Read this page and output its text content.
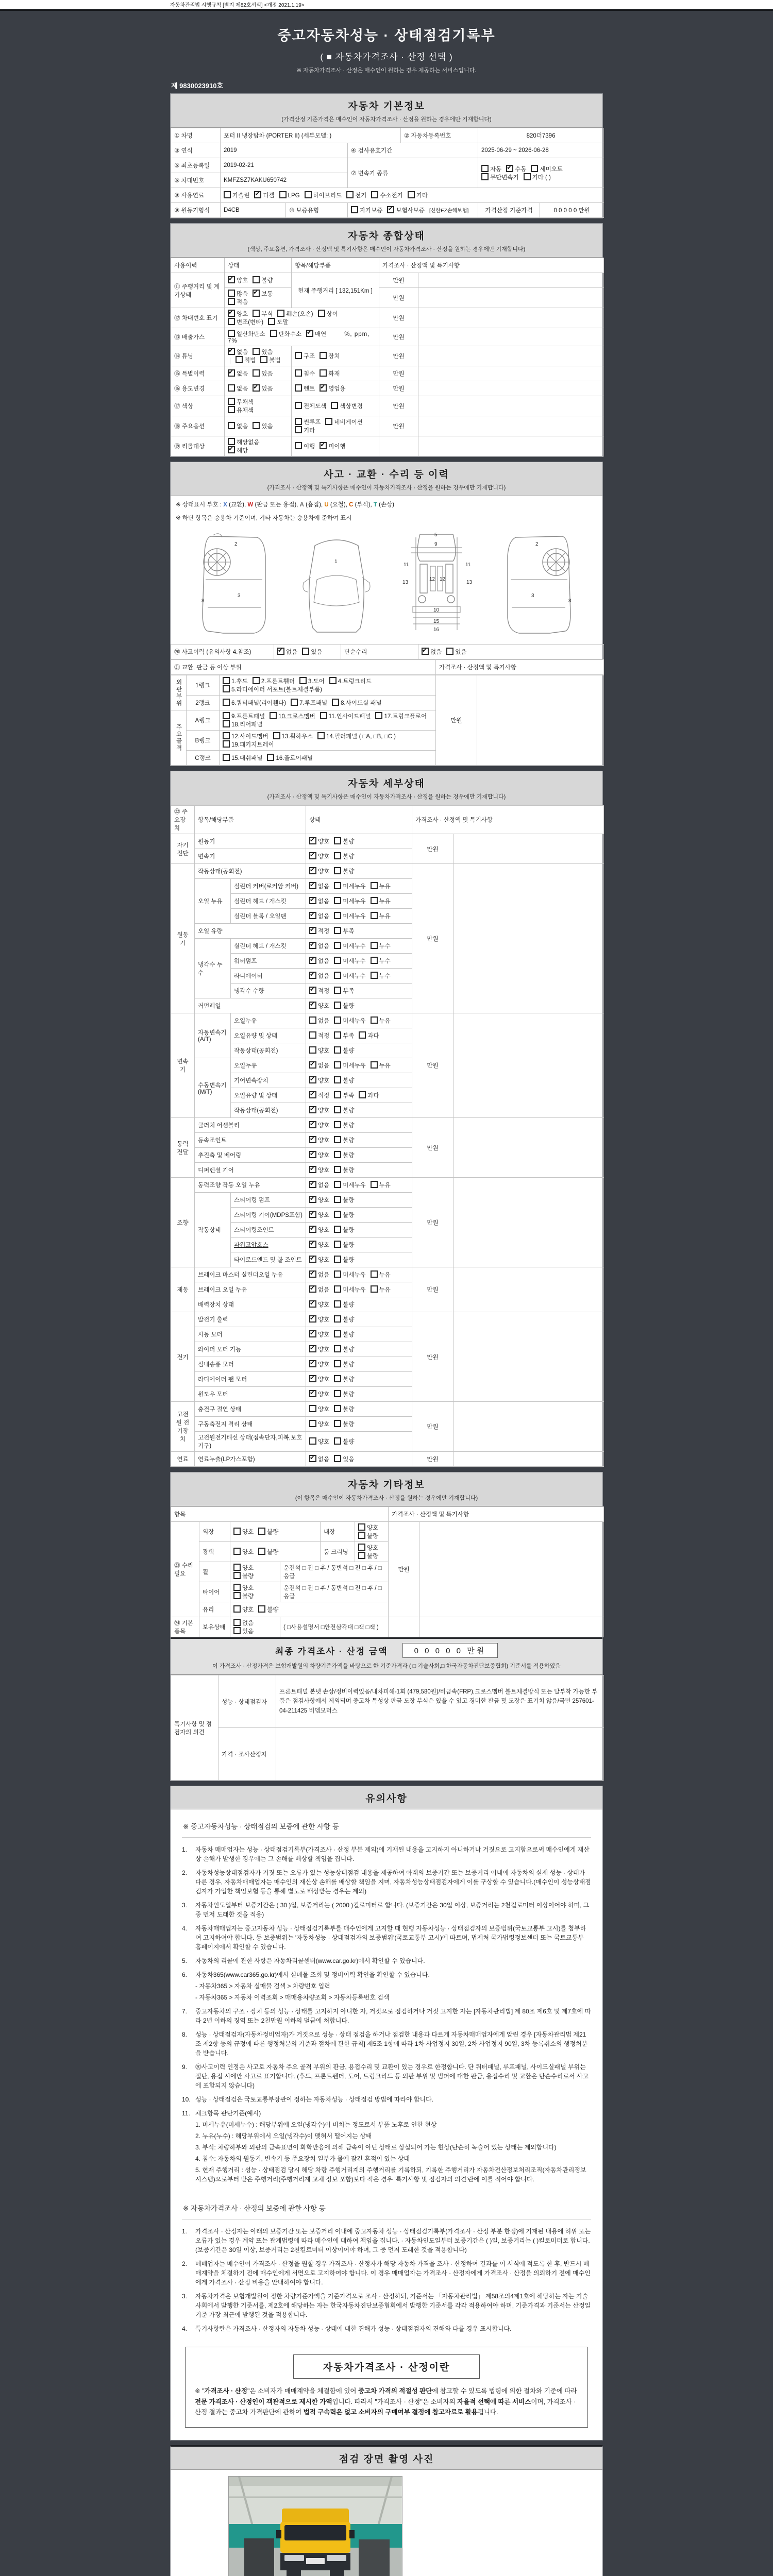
자동차관리법 시행규칙 [별지 제82호서식] <개정 2021.1.19>
중고자동차성능 · 상태점검기록부
( ■ 자동차가격조사 · 산정 선택 )
※ 자동차가격조사 · 산정은 매수인이 원하는 경우 제공하는 서비스입니다.
제 9830023910호
자동차 기본정보
(가격산정 기준가격은 매수인이 자동차가격조사 · 산정을 원하는 경우에만 기재합니다)
① 차명	포터 II 냉장탑차 (PORTER II) (세부모델: )			② 자동차등록번호	820더7396	
③ 연식	2019		④ 검사유효기간		2025-06-29 ~ 2026-06-28	
⑤ 최초등록일	2019-02-21		⑦ 변속기 종류		자동 ✔ 수동 세미오토무단변속기 기타 ( )
⑥ 차대번호	KMFZSZ7KAKU650742					
⑧ 사용연료	가솔린 ✔ 디젤 LPG 하이브리드 전기 수소전기 기타
⑨ 원동기형식	D4CB	⑩ 보증유형	자가보증 ✔ 보험사보증 [신한EZ손해보험]		가격산정 기준가격	0 0 0 0 0 만원
자동차 종합상태
(색상, 주요옵션, 가격조사 · 산정액 및 특기사항은 매수인이 자동차가격조사 · 산정을 원하는 경우에만 기재합니다)
사용이력	상태	항목/해당부품	가격조사 · 산정액 및 특기사항	
⑪ 주행거리 및 계기상태	✔양호 불량	현재 주행거리 [ 132,151Km ]	만원	
	많음 ✔ 보통적음		만원	
⑫ 차대번호 표기	✔양호 부식 훼손(오손) 상이변조(변타) 도말		만원	
⑬ 배출가스	일산화탄소 탄화수소 ✔ 매연 %, ppm, 7%		만원	
⑭ 튜닝	✔없음 있음적법 불법	구조 장치	만원	
⑮ 특별이력	✔없음 있음	침수 화재	만원	
⑯ 용도변경	없음 ✔ 있음	렌트 ✔ 영업용	만원	
⑰ 색상	무채색유채색	전체도색 색상변경	만원	
⑱ 주요옵션	없음 있음	썬루프 네비게이션기타	만원	
⑲ 리콜대상	해당없음✔해당	이행 ✔ 미이행		
사고 · 교환 · 수리 등 이력
(가격조사 · 산정액 및 특기사항은 매수인이 자동차가격조사 · 산정을 원하는 경우에만 기재합니다)
※ 상태표시 부호 : X (교환), W (판금 또는 용접), A (흠집), U (요철), C (부식), T (손상)
※ 하단 항목은 승용차 기준이며, 기타 자동차는 승용차에 준하여 표시
2
3
8
1
5
9
11	11
13	13
12 12
10
15
16
2
3
8
⑳ 사고이력 (유의사항 4.참조)	✔없음 있음	단순수리	✔없음 있음
㉑ 교환, 판금 등 이상 부위	가격조사 · 산정액 및 특기사항
외판부위	1랭크	1.후드 2.프론트휀더 3.도어 4.트렁크리드5.라디에이터 서포트(볼트체결부품)	만원	
	2랭크	6.쿼터패널(리어휀다) 7.루프패널 8.사이드실 패널		
주요골격	A랭크	9.프론트패널 10.크로스멤버 11.인사이드패널 17.트렁크플로어18.리어패널		
	B랭크	12.사이드멤버 13.휠하우스 14.필러패널 ( □A, □B, □C )19.패키지트레이		
	C랭크	15.대쉬패널 16.플로어패널		
자동차 세부상태
(가격조사 · 산정액 및 특기사항은 매수인이 자동차가격조사 · 산정을 원하는 경우에만 기재합니다)
㉒ 주요장치	항목/해당부품		상태	가격조사 · 산정액 및 특기사항	
자기진단	원동기	✔양호 불량	만원	
	변속기	✔양호 불량
원동기	작동상태(공회전)	✔양호 불량	만원	
	오일 누유	실린더 커버(로커암 커버)	✔없음 미세누유 누유
		실린더 헤드 / 개스킷	✔없음 미세누유 누유
		실린더 블록 / 오일팬	✔없음 미세누유 누유
	오일 유량	✔적정 부족
	냉각수 누수	실린더 헤드 / 개스킷	✔없음 미세누수 누수
		워터펌프	✔없음 미세누수 누수
		라디에이터	✔없음 미세누수 누수
		냉각수 수량	✔적정 부족
	커먼레일	✔양호 불량
변속기	자동변속기 (A/T)	오일누유	없음 미세누유 누유	만원	
		오일유량 및 상태	적정 부족 과다		
		작동상태(공회전)	양호 불량		
	수동변속기 (M/T)	오일누유	✔없음 미세누유 누유
		기어변속장치	✔양호 불량
		오일유량 및 상태	✔적정 부족 과다
		작동상태(공회전)	✔양호 불량
동력전달	클러치 어셈블리	✔양호 불량	만원	
	등속조인트	✔양호 불량
	추진축 및 베어링	✔양호 불량
	디퍼렌셜 기어	✔양호 불량
조향	동력조향 작동 오일 누유	✔없음 미세누유 누유	만원	
	작동상태	스티어링 펌프	✔양호 불량
		스티어링 기어(MDPS포함)	✔양호 불량
		스티어링조인트	✔양호 불량
		파워고압호스	✔양호 불량
		타이로드엔드 및 볼 조인트	✔양호 불량
제동	브레이크 마스터 실린더오일 누유	✔없음 미세누유 누유	만원	
	브레이크 오일 누유	✔없음 미세누유 누유
	배력장치 상태	✔양호 불량
전기	발전기 출력	✔양호 불량	만원	
	시동 모터	✔양호 불량
	와이퍼 모터 기능	✔양호 불량
	실내송풍 모터	✔양호 불량
	라디에이터 팬 모터	✔양호 불량
	윈도우 모터	✔양호 불량
고전원 전기장치	충전구 절연 상태		양호 불량	만원	
	구동축전지 격리 상태		양호 불량		
	고전원전기배선 상태(접속단자,피복,보호기구)		양호 불량		
연료	연료누출(LP가스포함)	✔없음 있음	만원	
자동차 기타정보
(이 항목은 매수인이 자동차가격조사 · 산정을 원하는 경우에만 기재합니다)
항목						가격조사 · 산정액 및 특기사항	
㉓ 수리필요	외장	양호 불량		내장	양호불량	만원	
	광택	양호 불량		룸 크리닝	양호불량		
	휠	양호불량	운전석 □ 전 □ 후 / 동반석 □ 전 □ 후 / □ 응급				
	타이어	양호불량	운전석 □ 전 □ 후 / 동반석 □ 전 □ 후 / □ 응급				
	유리	양호 불량					
㉔ 기본품목	보유상태	없음있음	( □사용설명서 □안전삼각대 □잭 □잭 )				
최종 가격조사 · 산정 금액	0 0 0 0 0 만원
이 가격조사 · 산정가격은 보험개발원의 차량기준가액을 바탕으로 한 기준가격과 ( □ 기술사회,□ 한국자동차진단보증협회) 기준서를 적용하였음
특기사항 및 점검자의 의견	성능 · 상태점검자	프론트패널 본넷 손상/정비이력있음/내차피해-1회 (479,580원)/비금속(FRP),크로스멤버 볼트체결방식 또는 탈부착 가능한 부품은 점검사항에서 제외되며 중고차 특성상 판금 도장 부식은 있을 수 있고 경미한 판금 및 도장은 표기치 않음/국민 257601-04-211425 비엠모터스
	가격 · 조사산정자	
유의사항
※ 중고자동차성능 · 상태점검의 보증에 관한 사항 등
1.	자동차 매매업자는 성능 · 상태점검기록부(가격조사 · 산정 부분 제외)에 기재된 내용을 고지하지 아니하거나 거짓으로 고지함으로써 매수인에게 재산상 손해가 발생한 경우에는 그 손해를 배상할 책임을 집니다.
2.	자동차성능상태점검자가 거짓 또는 오류가 있는 성능상태점검 내용을 제공하여 아래의 보증기간 또는 보증거리 이내에 자동차의 실제 성능 · 상태가 다른 경우, 자동차매매업자는 매수인의 재산상 손해를 배상할 책임을 지며, 자동차성능상태점검자에게 이를 구상할 수 있습니다.(매수인이 성능상태점검자가 가입한 책임보험 등을 통해 별도로 배상받는 경우는 제외)
3.	자동차인도일부터 보증기간은 ( 30 )일, 보증거리는 ( 2000 )킬로미터로 합니다. (보증기간은 30일 이상, 보증거리는 2천킬로미터 이상이어야 하며, 그 중 먼저 도래한 것을 적용)
4.	자동차매매업자는 중고자동차 성능 · 상태점검기록부를 매수인에게 고지할 때 현행 자동차성능 · 상태점검자의 보증범위(국토교통부 고시)를 첨부하여 고지하여야 합니다. 동 보증범위는 '자동차성능 · 상태점검자의 보증범위'(국토교통부 고시)에 따르며, 법제처 국가법령정보센터 또는 국토교통부 홈페이지에서 확인할 수 있습니다.
5.	자동차의 리콜에 관한 사항은 자동차리콜센터(www.car.go.kr)에서 확인할 수 있습니다.
6.	자동차365(www.car365.go.kr)에서 실매물 조회 및 정비이력 확인을 확인할 수 있습니다.
- 자동차365 > 자동차 실매물 검색 > 차량번호 입력
- 자동차365 > 자동차 이력조회 > 매매용차량조회 > 자동차등록번호 검색
7.	중고자동차의 구조 · 장치 등의 성능 · 상태를 고지하지 아니한 자, 거짓으로 점검하거나 거짓 고지한 자는 [자동차관리법] 제 80조 제6호 및 제7호에 따라 2년 이하의 징역 또는 2천만원 이하의 벌금에 처합니다.
8.	성능 · 상태점검자(자동차정비업자)가 거짓으로 성능 · 상태 점검을 하거나 점검한 내용과 다르게 자동차매매업자에게 알린 경우 [자동차관리법 제21조 제2항 등의 규정에 따른 행정처분의 기준과 절차에 관한 규칙] 제5조 1항에 따라 1차 사업정지 30일, 2차 사업정지 90일, 3차 등록취소의 행정처분을 받습니다.
9.	⑳사고이력 인정은 사고로 자동차 주요 골격 부위의 판금, 용접수리 및 교환이 있는 경우로 한정합니다. 단 쿼터패널, 루프패널, 사이드실패널 부위는 절단, 용접 시에만 사고로 표기합니다. (후드, 프론트펜더, 도어, 트렁크리드 등 외판 부위 및 범퍼에 대한 판금, 용접수리 및 교환은 단순수리로서 사고에 포함되지 않습니다)
10. 성능 · 상태점검은 국토교통부장관이 정하는 자동차성능 · 상태점검 방법에 따라야 합니다.
11. 체크항목 판단기준(예시)
1. 미세누유(미세누수) : 해당부위에 오일(냉각수)이 비치는 정도로서 부품 노후로 인한 현상
2. 누유(누수) : 해당부위에서 오일(냉각수)이 맺혀서 떨어지는 상태
3. 부식: 차량하부와 외판의 금속표면이 화학반응에 의해 금속이 아닌 상태로 상실되어 가는 현상(단순히 녹슬어 있는 상태는 제외합니다)
4. 침수: 자동차의 원동기, 변속기 등 주요장치 일부가 물에 잠긴 흔적이 있는 상태
5. 현재 주행거리 : 성능 · 상태점검 당시 해당 차량 주행거리계의 주행거리를 기록하되, 기록한 주행거리가 자동차전산정보처리조직(자동차관리정보시스템)으로부터 받은 주행거리(주행거리계 교체 정보 포함)보다 적은 경우 '특기사항 및 점검자의 의견'란에 이를 적어야 합니다.
※ 자동차가격조사 · 산정의 보증에 관한 사항 등
1.	가격조사 · 산정자는 아래의 보증기간 또는 보증거리 이내에 중고자동차 성능 · 상태점검기록부(가격조사 · 산정 부분 한정)에 기재된 내용에 허위 또는 오류가 있는 경우 계약 또는 관계법령에 따라 매수인에 대하여 책임을 집니다. · 자동차인도일부터 보증기간은 ( )일, 보증거리는 ( )킬로미터로 합니다. (보증기간은 30일 이상, 보증거리는 2천킬로미터 이상이어야 하며, 그 중 먼저 도래한 것을 적용합니다)
2.	매매업자는 매수인이 가격조사 · 산정을 원할 경우 가격조사 · 산정자가 해당 자동차 가격을 조사 · 산정하여 결과를 이 서식에 적도록 한 후, 반드시 매매계약을 체결하기 전에 매수인에게 서면으로 고지하여야 합니다. 이 경우 매매업자는 가격조사 · 산정자에게 가격조사 · 산정을 의뢰하기 전에 매수인에게 가격조사 · 산정 비용을 안내하여야 합니다.
3.	자동차가격은 보험개발원이 정한 차량기준가액을 기준가격으로 조사 · 산정하되, 기준서는 「자동차관리법」 제58조의4제1호에 해당하는 자는 기술사회에서 발행한 기준서를, 제2호에 해당하는 자는 한국자동차진단보증협회에서 발행한 기준서를 각각 적용하여야 하며, 기준가격과 기준서는 산정일 기준 가장 최근에 발행된 것을 적용합니다.
4.	특기사항란은 가격조사 · 산정자의 자동차 성능 · 상태에 대한 견해가 성능 · 상태점검자의 견해와 다를 경우 표시합니다.
자동차가격조사 · 산정이란
※ "가격조사 · 산정"은 소비자가 매매계약을 체결함에 있어 중고차 가격의 적절성 판단에 참고할 수 있도록 법령에 의한 절차와 기준에 따라 전문 가격조사 · 산정인이 객관적으로 제시한 가액입니다. 따라서 "가격조사 · 산정"은 소비자의 자율적 선택에 따른 서비스이며, 가격조사 · 산정 결과는 중고차 가격판단에 관하여 법적 구속력은 없고 소비자의 구매여부 결정에 참고자료로 활용됩니다.
점검 장면 촬영 사진
